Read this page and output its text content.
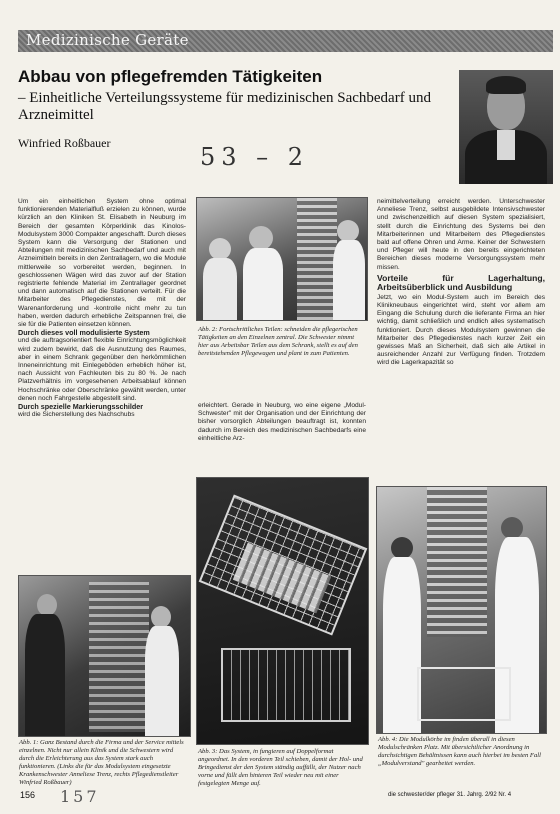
Medizinische Geräte
Abbau von pflegefremden Tätigkeiten
– Einheitliche Verteilungssysteme für medizinischen Sachbedarf und Arzneimittel
Winfried Roßbauer	53 – 2

Um ein einheitlichen System ohne optimal funktionierenden Materialfluß erzielen zu können, wurde kürzlich an den Kliniken St. Elisabeth in Neuburg im Bereich der gesamten Körperklinik das Kinolos-Modulsystem 3000 Compakter angeschafft. Durch dieses System kann die Versorgung der Stationen und Abteilungen mit medizinischen Sachbedarf und auch mit Arzneimitteln bereits in den Zentrallagern, wo die Module mittlerweile so vorbereitet werden, beginnen. In geschlossenen Wägen wird das zuvor auf der Station registrierte fehlende Material im Zentrallager geordnet und dann automatisch auf die Stationen verteilt. Für die Mitarbeiter des Pflegedienstes, die mit der Warenanforderung und -kontrolle nicht mehr zu tun haben, werden dadurch erhebliche Zeitspannen frei, die sie für die Patienten einsetzen können.

Durch dieses voll modulisierte System

und die auftragsorientiert flexible Einrichtungsmöglichkeit wird zudem bewirkt, daß die Ausnutzung des Raumes, aber in einem Schrank gegenüber den herkömmlichen Inneneinrichtung mit Einlegeböden erheblich höher ist, nach Aussicht von Fachleuten bis zu 80 %. Je nach Platzverhältnis im vorgesehenen Arbeitsablauf können Hochschränke oder Oberschränke gewählt werden, unter denen noch Fahrgestelle abgestellt sind.

Durch spezielle Markierungsschilder

wird die Sicherstellung des Nachschubs

Abb. 2: Fortschrittliches Teilen: schneiden die pflegerischen Tätigkeiten an den Einzelnen zentral. Die Schwester nimmt hier aus Arbeitsbar Teilen aus dem Schrank, stellt es auf den bereitstehenden Pflegewagen und plant in zum Patienten.

erleichtert. Gerade in Neuburg, wo eine eigene „Modul-Schwester" mit der Organisation und der Einrichtung der bisher vorsorglich Abteilungen beauftragt ist, konnten dadurch im Bereich des medizinischen Sachbedarfs eine einheitliche Arz-

neimittelverteilung erreicht werden. Unterschwester Anneliese Trenz, selbst ausgebildete Intensivschwester und zwischenzeitlich auf diesen System spezialisiert, stellt durch die Einrichtung des Systems bei den Mitarbeiterinnen und Mitarbeitern des Pflegedienstes bald auf offene Ohren und Arme. Keiner der Schwestern und Pfleger will heute in den bereits eingerichteten Bereichen dieses moderne Versorgungssystem mehr missen.

Vorteile für Lagerhaltung, Arbeitsüberblick und Ausbildung

Jetzt, wo ein Modul-System auch im Bereich des Klinikneubaus eingerichtet wird, steht vor allem am Eingang die Schulung durch die lieferante Firma an hier wichtig, damit schließlich und endlich alles systematisch funktioniert. Durch dieses Modulsystem gewinnen die Mitarbeiter des Pflegedienstes nach kurzer Zeit ein gewisses Maß an Sicherheit, daß sich alle Artikel in ausreichender Anzahl zur Verfügung finden. Trotzdem wird die Lagerkapazität so

Abb. 1: Ganz Bestand durch die Firma und der Service mittels einzelnen. Nicht nur allein Klinik und die Schwestern wird durch die Erleichterung aus das System stark auch funktionieren. (Links die für das Modulsystem eingesetzte Krankenschwester Anneliese Trenz, rechts Pflegedienstleiter Winfried Roßbauer)
Abb. 3: Das System, in fungieren auf Doppelformat angeordnet. In den vorderen Teil schieben, damit der Hol- und Bringedienst der den System ständig auffüllt, der Nutzer nach vorne und füllt den hinteren Teil wieder neu mit einer festgelegten Menge auf.
Abb. 4: Die Modulkörbe im finden überall in diesen Modulschränken Platz. Mit übersichtlicher Anordnung in durchsichtigen Behältnissen kann auch hierbei im besten Fall „Modulverstand" gearbeitet werden.
156 157	die schwester/der pfleger 31. Jahrg. 2/92 Nr. 4
